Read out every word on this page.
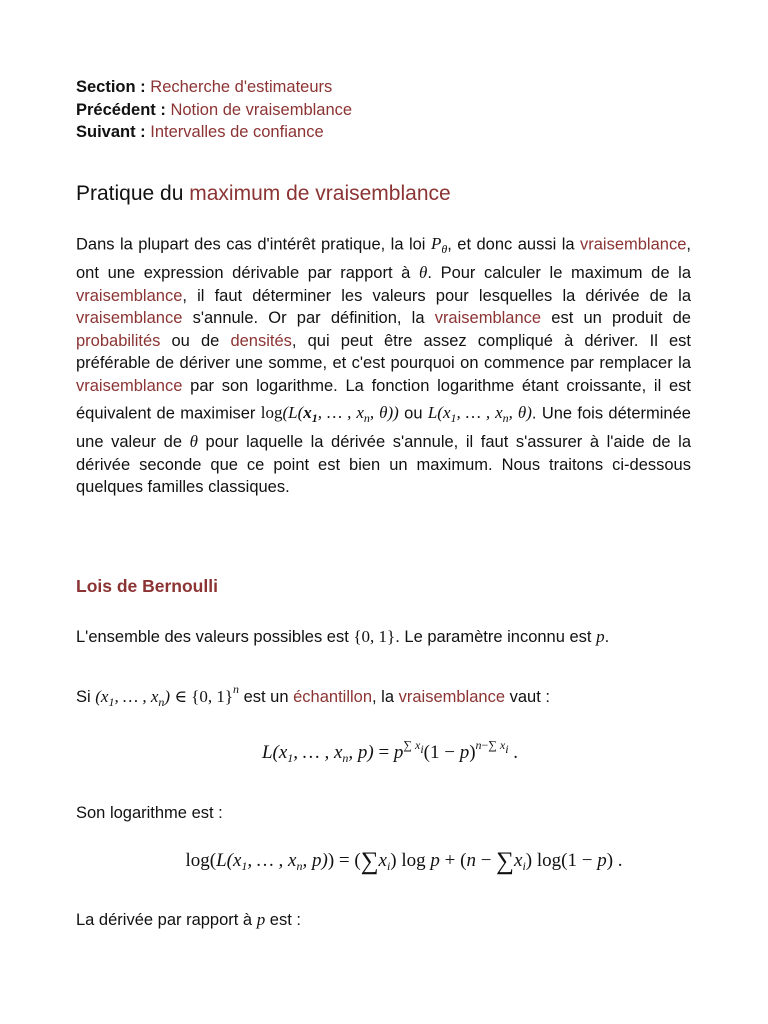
Section : Recherche d'estimateurs
Précédent : Notion de vraisemblance
Suivant : Intervalles de confiance
Pratique du maximum de vraisemblance
Dans la plupart des cas d'intérêt pratique, la loi $P_\theta$, et donc aussi la vraisemblance, ont une expression dérivable par rapport à θ. Pour calculer le maximum de la vraisemblance, il faut déterminer les valeurs pour lesquelles la dérivée de la vraisemblance s'annule. Or par définition, la vraisemblance est un produit de probabilités ou de densités, qui peut être assez compliqué à dériver. Il est préférable de dériver une somme, et c'est pourquoi on commence par remplacer la vraisemblance par son logarithme. La fonction logarithme étant croissante, il est équivalent de maximiser $\log(L(x_1$, … , $x_n$, θ)) ou $L(x_1$, … , $x_n$, θ). Une fois déterminée une valeur de θ pour laquelle la dérivée s'annule, il faut s'assurer à l'aide de la dérivée seconde que ce point est bien un maximum. Nous traitons ci-dessous quelques familles classiques.
Lois de Bernoulli
L'ensemble des valeurs possibles est {0, 1}. Le paramètre inconnu est p.
Si ($x_1$, … , $x_n$) ∈ {0, 1}$^n$ est un échantillon, la vraisemblance vaut :
$L(x_1$, … , $x_n$, $p) = p^{\sum x_i}(1 - p)^{n-\sum x_i}$ .
Son logarithme est :
$\log(L(x_1$, … , $x_n$, $p)) = (\sum x_i)$ $\log p + (n - \sum x_i)$ log(1 − p) .
La dérivée par rapport à p est :
